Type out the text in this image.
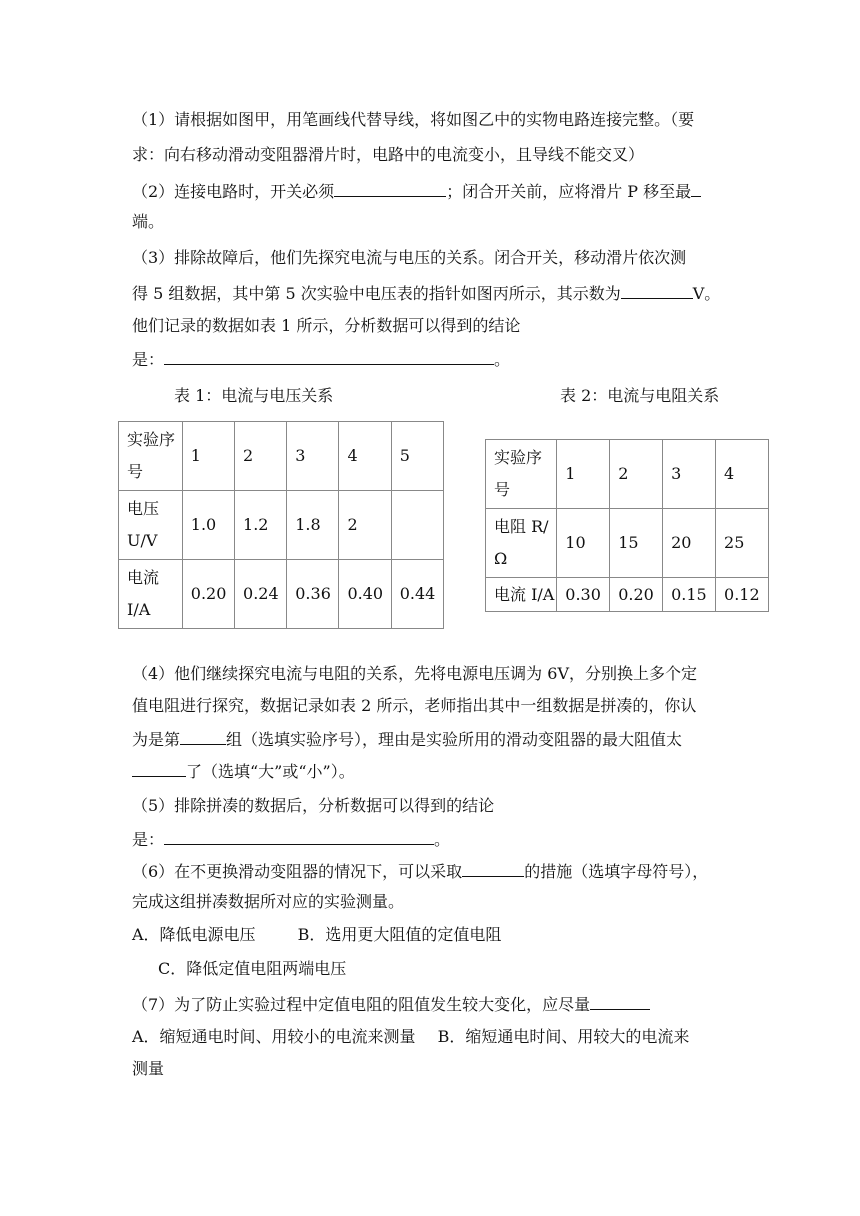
（1）请根据如图甲，用笔画线代替导线，将如图乙中的实物电路连接完整。（要
求：向右移动滑动变阻器滑片时，电路中的电流变小，且导线不能交叉）
（2）连接电路时，开关必须	；闭合开关前，应将滑片 P 移至最
端。
（3）排除故障后，他们先探究电流与电压的关系。闭合开关，移动滑片依次测
得 5 组数据，其中第 5 次实验中电压表的指针如图丙所示，其示数为	V。
他们记录的数据如表 1 所示，分析数据可以得到的结论
是：	。
表 1：电流与电压关系	表 2：电流与电阻关系
实验序
号	1	2	3	4	5
电压
U/V	1.0	1.2	1.8	2	
电流
I/A	0.20	0.24	0.36	0.40	0.44
实验序
号	1	2	3	4
电阻 R/
Ω	10	15	20	25
电流 I/A	0.30	0.20	0.15	0.12
（4）他们继续探究电流与电阻的关系，先将电源电压调为 6V，分别换上多个定
值电阻进行探究，数据记录如表 2 所示，老师指出其中一组数据是拼凑的，你认
为是第	组（选填实验序号），理由是实验所用的滑动变阻器的最大阻值太
了（选填“大”或“小”）。
（5）排除拼凑的数据后，分析数据可以得到的结论
是：	。
（6）在不更换滑动变阻器的情况下，可以采取	的措施（选填字母符号），
完成这组拼凑数据所对应的实验测量。
A．降低电源电压	B．选用更大阻值的定值电阻
C．降低定值电阻两端电压
（7）为了防止实验过程中定值电阻的阻值发生较大变化，应尽量
A．缩短通电时间、用较小的电流来测量 B．缩短通电时间、用较大的电流来
测量
